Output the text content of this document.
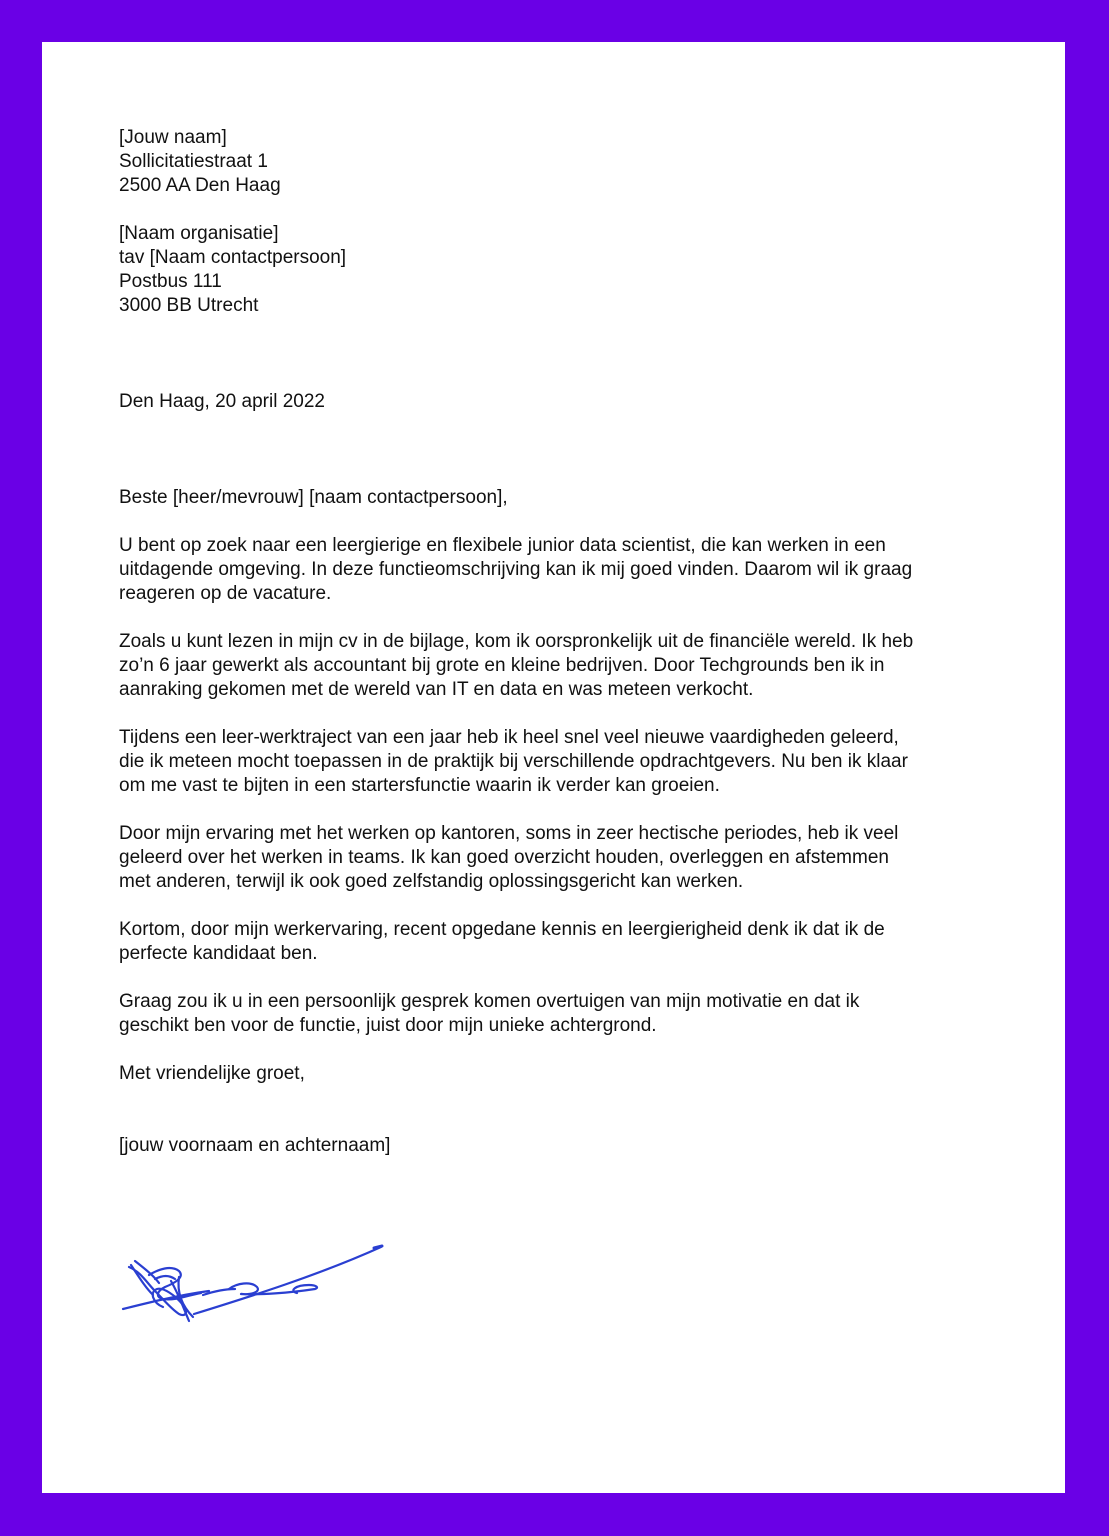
[Jouw naam]
Sollicitatiestraat 1
2500 AA Den Haag
[Naam organisatie]
tav [Naam contactpersoon]
Postbus 111
3000 BB Utrecht
Den Haag, 20 april 2022
Beste [heer/mevrouw] [naam contactpersoon],
U bent op zoek naar een leergierige en flexibele junior data scientist, die kan werken in een
uitdagende omgeving. In deze functieomschrijving kan ik mij goed vinden. Daarom wil ik graag
reageren op de vacature.
Zoals u kunt lezen in mijn cv in de bijlage, kom ik oorspronkelijk uit de financiële wereld. Ik heb
zo’n 6 jaar gewerkt als accountant bij grote en kleine bedrijven. Door Techgrounds ben ik in
aanraking gekomen met de wereld van IT en data en was meteen verkocht.
Tijdens een leer-werktraject van een jaar heb ik heel snel veel nieuwe vaardigheden geleerd,
die ik meteen mocht toepassen in de praktijk bij verschillende opdrachtgevers. Nu ben ik klaar
om me vast te bijten in een startersfunctie waarin ik verder kan groeien.
Door mijn ervaring met het werken op kantoren, soms in zeer hectische periodes, heb ik veel
geleerd over het werken in teams. Ik kan goed overzicht houden, overleggen en afstemmen
met anderen, terwijl ik ook goed zelfstandig oplossingsgericht kan werken.
Kortom, door mijn werkervaring, recent opgedane kennis en leergierigheid denk ik dat ik de
perfecte kandidaat ben.
Graag zou ik u in een persoonlijk gesprek komen overtuigen van mijn motivatie en dat ik
geschikt ben voor de functie, juist door mijn unieke achtergrond.
Met vriendelijke groet,
[jouw voornaam en achternaam]
